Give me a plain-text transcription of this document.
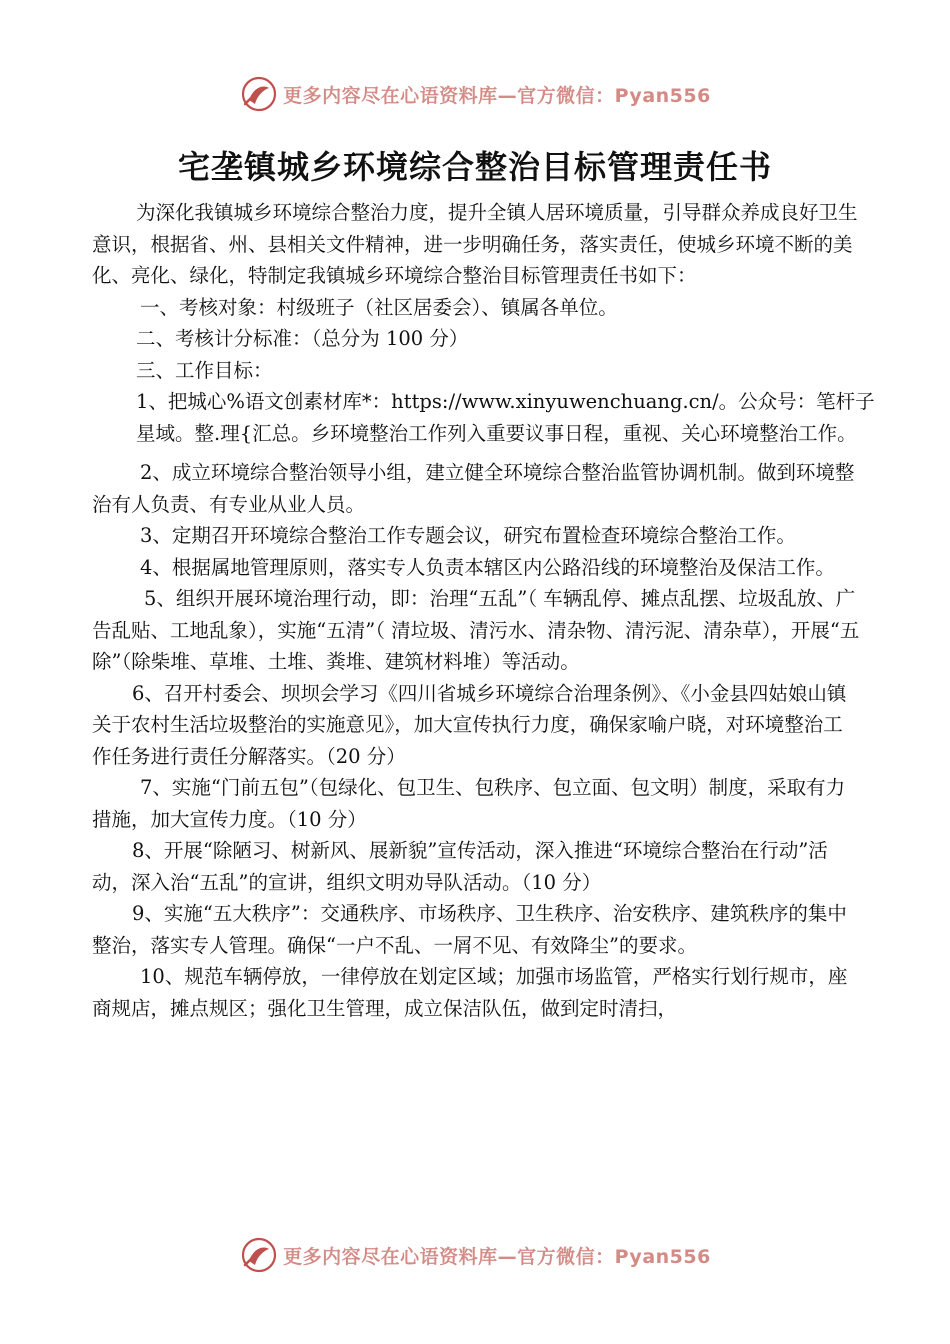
更多内容尽在心语资料库—官方微信：Pyan556
宅垄镇城乡环境综合整治目标管理责任书

为深化我镇城乡环境综合整治力度，提升全镇人居环境质量，引导群众养成良好卫生意识，根据省、州、县相关文件精神，进一步明确任务，落实责任，使城乡环境不断的美化、亮化、绿化，特制定我镇城乡环境综合整治目标管理责任书如下：

一、考核对象：村级班子（社区居委会）、镇属各单位。

二、考核计分标准：（总分为 100 分）

三、工作目标：

1、把城心%语文创素材库*：https://www.xinyuwenchuang.cn/。公众号：笔杆子星域。整.理{汇总。乡环境整治工作列入重要议事日程，重视、关心环境整治工作。

2、成立环境综合整治领导小组，建立健全环境综合整治监管协调机制。做到环境整治有人负责、有专业从业人员。

3、定期召开环境综合整治工作专题会议，研究布置检查环境综合整治工作。

4、根据属地管理原则，落实专人负责本辖区内公路沿线的环境整治及保洁工作。

5、组织开展环境治理行动，即：治理“五乱”（ 车辆乱停、摊点乱摆、垃圾乱放、广告乱贴、工地乱象），实施“五清”（ 清垃圾、清污水、清杂物、清污泥、清杂草），开展“五除”（除柴堆、草堆、土堆、粪堆、建筑材料堆）等活动。

6、召开村委会、坝坝会学习《四川省城乡环境综合治理条例》、《小金县四姑娘山镇关于农村生活垃圾整治的实施意见》，加大宣传执行力度，确保家喻户晓，对环境整治工作任务进行责任分解落实。（20 分）

7、实施“门前五包”（包绿化、包卫生、包秩序、包立面、包文明）制度，采取有力措施，加大宣传力度。（10 分）

8、开展“除陋习、树新风、展新貌”宣传活动，深入推进“环境综合整治在行动”活动，深入治“五乱”的宣讲，组织文明劝导队活动。（10 分）

9、实施“五大秩序”：交通秩序、市场秩序、卫生秩序、治安秩序、建筑秩序的集中整治，落实专人管理。确保“一户不乱、一屑不见、有效降尘”的要求。

10、规范车辆停放，一律停放在划定区域；加强市场监管，严格实行划行规市，座商规店，摊点规区；强化卫生管理，成立保洁队伍，做到定时清扫，

更多内容尽在心语资料库—官方微信：Pyan556
